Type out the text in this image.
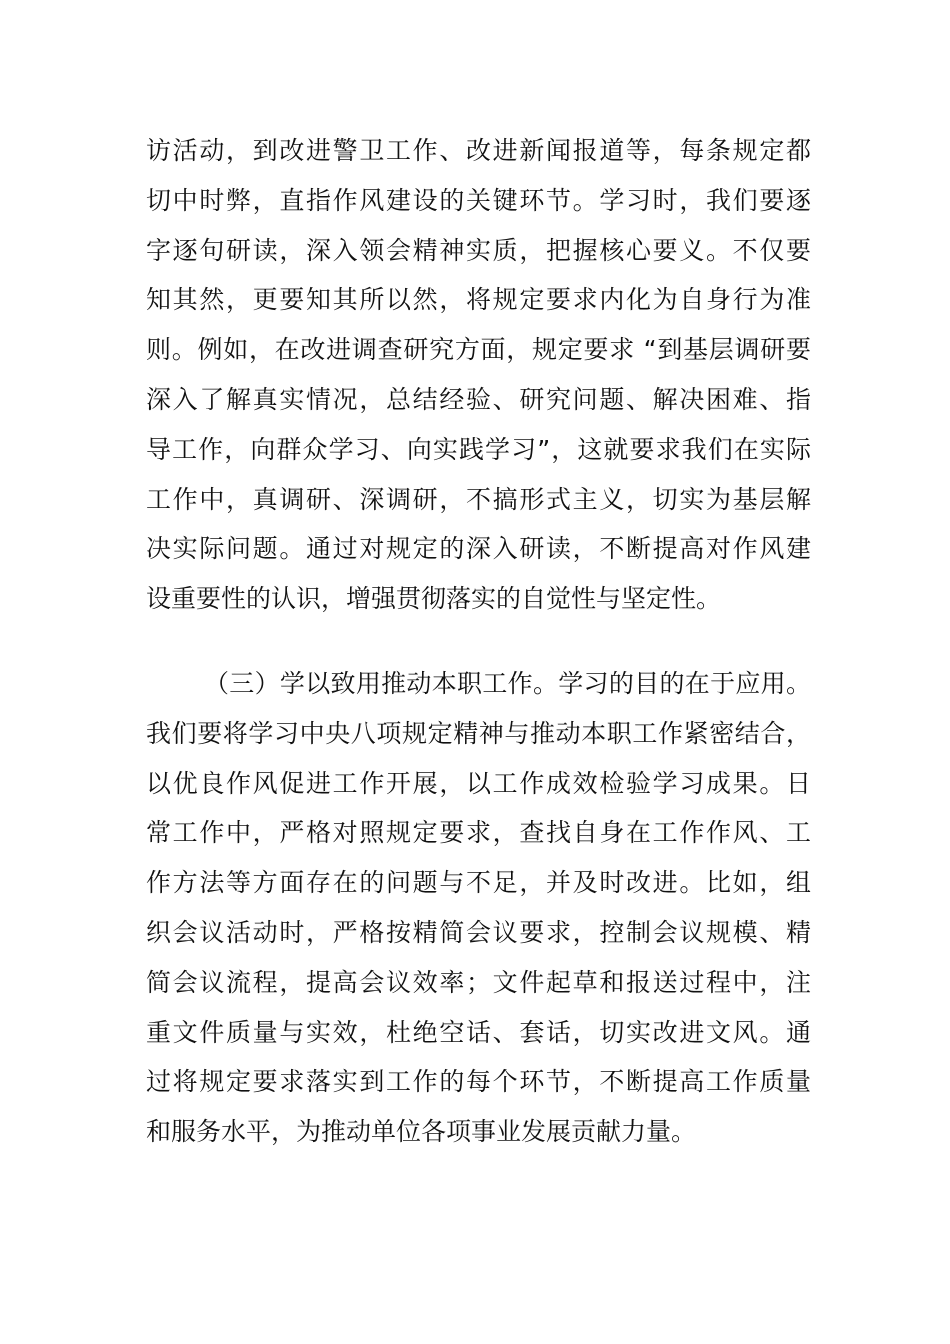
访活动，到改进警卫工作、改进新闻报道等，每条规定都
切中时弊，直指作风建设的关键环节。学习时，我们要逐
字逐句研读，深入领会精神实质，把握核心要义。不仅要
知其然，更要知其所以然，将规定要求内化为自身行为准
则。例如，在改进调查研究方面，规定要求 “到基层调研要
深入了解真实情况，总结经验、研究问题、解决困难、指
导工作，向群众学习、向实践学习”，这就要求我们在实际
工作中，真调研、深调研，不搞形式主义，切实为基层解
决实际问题。通过对规定的深入研读，不断提高对作风建
设重要性的认识，增强贯彻落实的自觉性与坚定性。
（三）学以致用推动本职工作。学习的目的在于应用。
我们要将学习中央八项规定精神与推动本职工作紧密结合，
以优良作风促进工作开展，以工作成效检验学习成果。日
常工作中，严格对照规定要求，查找自身在工作作风、工
作方法等方面存在的问题与不足，并及时改进。比如，组
织会议活动时，严格按精简会议要求，控制会议规模、精
简会议流程，提高会议效率；文件起草和报送过程中，注
重文件质量与实效，杜绝空话、套话，切实改进文风。通
过将规定要求落实到工作的每个环节，不断提高工作质量
和服务水平，为推动单位各项事业发展贡献力量。
